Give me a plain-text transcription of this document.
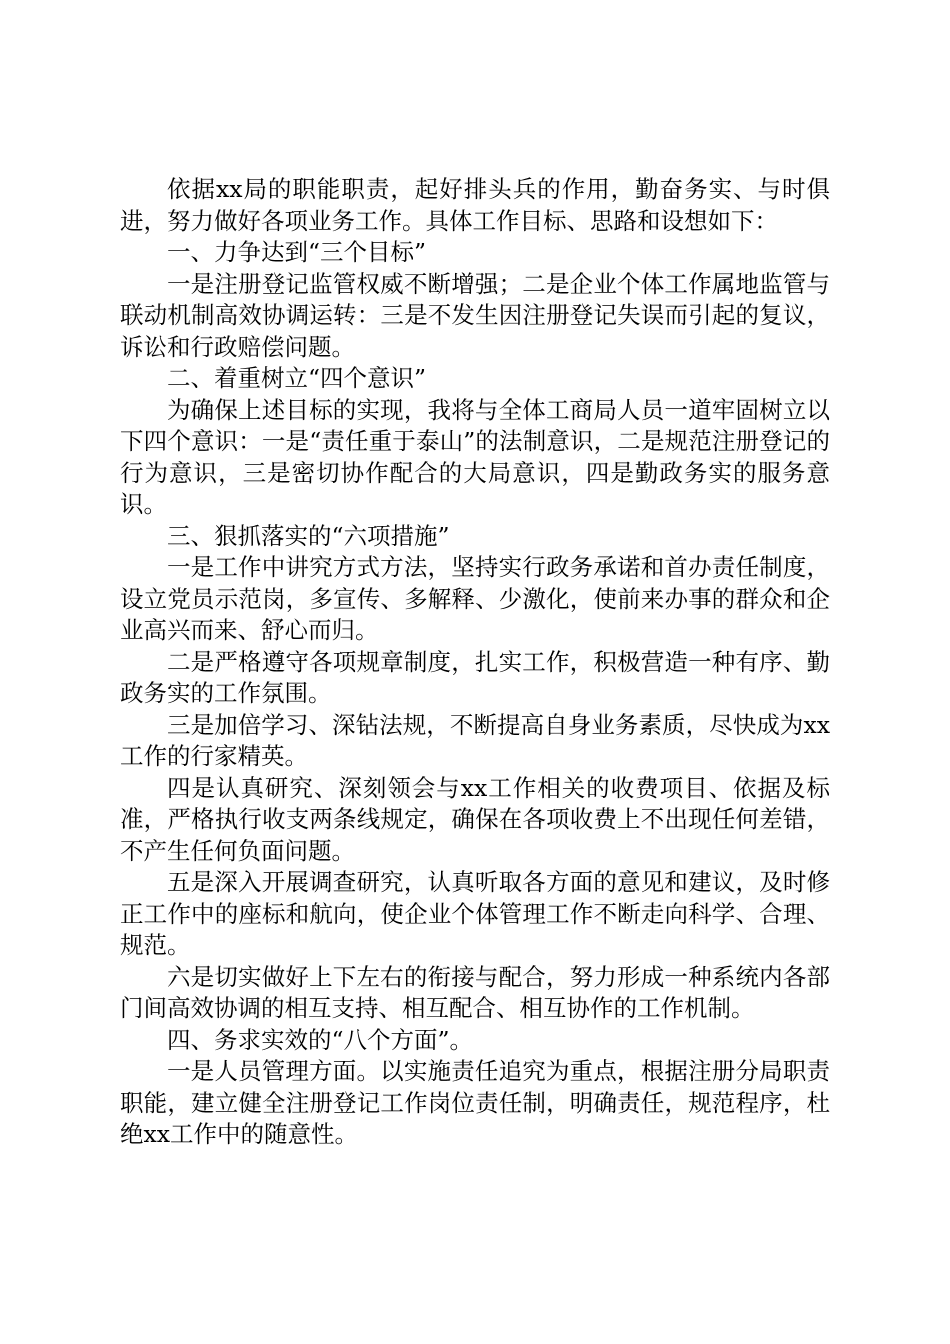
依据xx局的职能职责，起好排头兵的作用，勤奋务实、与时俱进，努力做好各项业务工作。具体工作目标、思路和设想如下：

一、力争达到“三个目标”

一是注册登记监管权威不断增强；二是企业个体工作属地监管与联动机制高效协调运转：三是不发生因注册登记失误而引起的复议，诉讼和行政赔偿问题。

二、着重树立“四个意识”

为确保上述目标的实现，我将与全体工商局人员一道牢固树立以下四个意识：一是“责任重于泰山”的法制意识，二是规范注册登记的行为意识，三是密切协作配合的大局意识，四是勤政务实的服务意识。

三、狠抓落实的“六项措施”

一是工作中讲究方式方法，坚持实行政务承诺和首办责任制度，设立党员示范岗，多宣传、多解释、少激化，使前来办事的群众和企业高兴而来、舒心而归。

二是严格遵守各项规章制度，扎实工作，积极营造一种有序、勤政务实的工作氛围。

三是加倍学习、深钻法规，不断提高自身业务素质，尽快成为xx工作的行家精英。

四是认真研究、深刻领会与xx工作相关的收费项目、依据及标准，严格执行收支两条线规定，确保在各项收费上不出现任何差错，不产生任何负面问题。

五是深入开展调查研究，认真听取各方面的意见和建议，及时修正工作中的座标和航向，使企业个体管理工作不断走向科学、合理、规范。

六是切实做好上下左右的衔接与配合，努力形成一种系统内各部门间高效协调的相互支持、相互配合、相互协作的工作机制。

四、务求实效的“八个方面”。

一是人员管理方面。以实施责任追究为重点，根据注册分局职责职能，建立健全注册登记工作岗位责任制，明确责任，规范程序，杜绝xx工作中的随意性。
